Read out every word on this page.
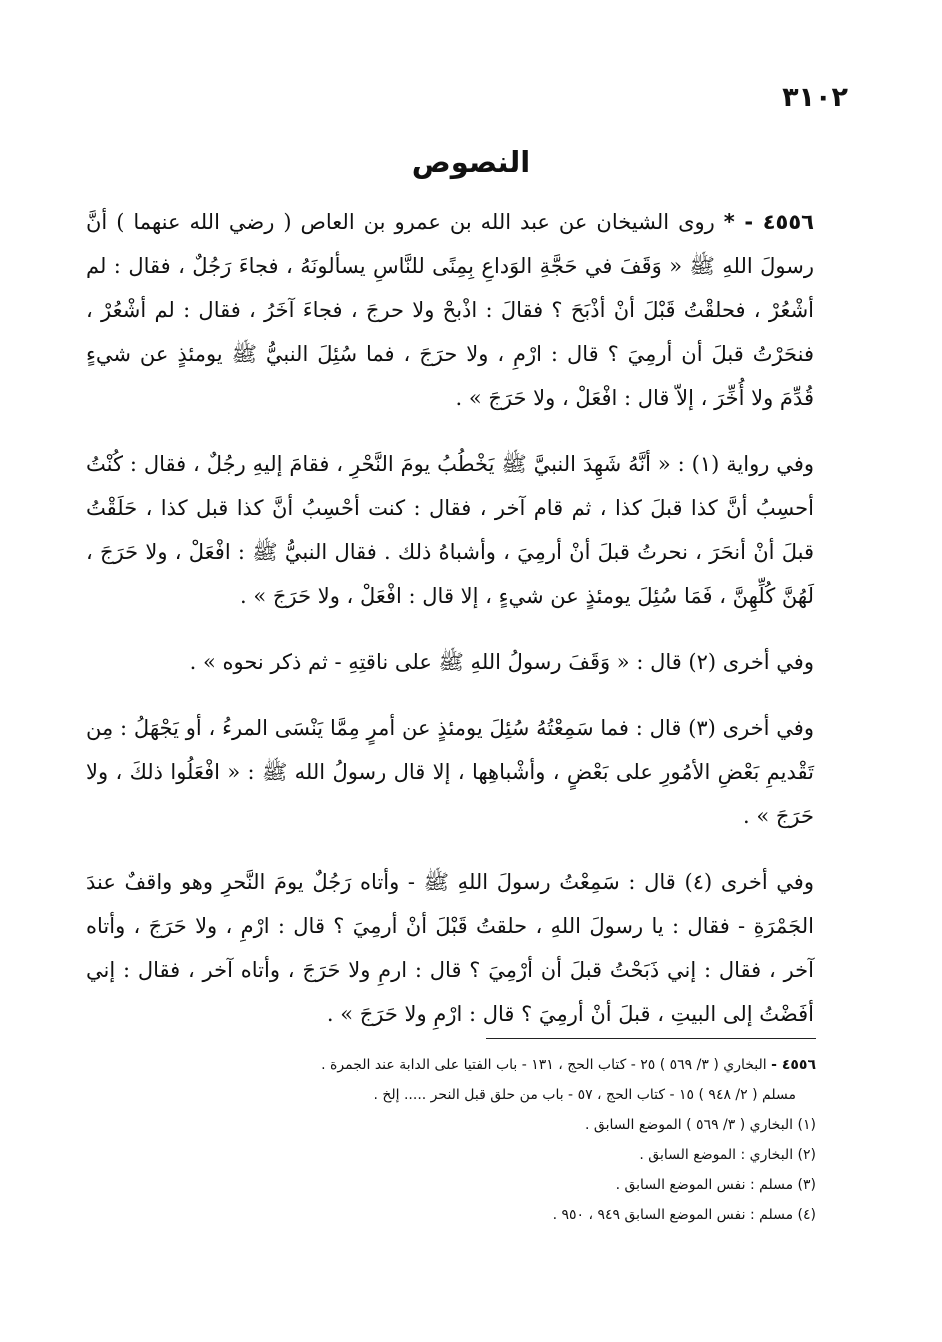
٣١٠٢
النصوص

٤٥٥٦ - * روى الشيخان عن عبد الله بن عمرو بن العاص ( رضي الله عنهما ) أنَّ رسولَ اللهِ ﷺ « وَقَفَ في حَجَّةِ الوَداعِ بِمِنًى للنَّاسِ يسألونَهُ ، فجاءَ رَجُلٌ ، فقال : لم أشْعُرْ ، فحلقْتُ قَبْلَ أنْ أذْبَحَ ؟ فقالَ : اذْبحْ ولا حرجَ ، فجاءَ آخَرُ ، فقال : لم أشْعُرْ ، فنحَرْتُ قبلَ أن أرمِيَ ؟ قال : ارْمِ ، ولا حرَجَ ، فما سُئِلَ النبيُّ ﷺ يومئذٍ عن شيءٍ قُدِّمَ ولا أُخِّرَ ، إلاّ قال : افْعَلْ ، ولا حَرَجَ » .

وفي رواية (١) : « أنَّهُ شَهِدَ النبيَّ ﷺ يَخْطُبُ يومَ النَّحْرِ ، فقامَ إليهِ رجُلٌ ، فقال : كُنْتُ أحسِبُ أنَّ كذا قبلَ كذا ، ثم قام آخر ، فقال : كنت أحْسِبُ أنَّ كذا قبل كذا ، حَلَقْتُ قبلَ أنْ أنحَرَ ، نحرتُ قبلَ أنْ أرمِيَ ، وأشباهُ ذلك . فقال النبيُّ ﷺ : افْعَلْ ، ولا حَرَجَ ، لَهُنَّ كُلِّهِنَّ ، فَمَا سُئِلَ يومئذٍ عن شيءٍ ، إلا قال : افْعَلْ ، ولا حَرَجَ » .

وفي أخرى (٢) قال : « وَقَفَ رسولُ اللهِ ﷺ على ناقتِهِ - ثم ذكر نحوه » .

وفي أخرى (٣) قال : فما سَمِعْتُهُ سُئِلَ يومئذٍ عن أمرٍ مِمَّا يَنْسَى المرءُ ، أو يَجْهَلُ : مِن تَقْديمِ بَعْضِ الأمُورِ على بَعْضٍ ، وأشْباهِها ، إلا قال رسولُ الله ﷺ : « افْعَلُوا ذلكَ ، ولا حَرَجَ » .

وفي أخرى (٤) قال : سَمِعْتُ رسولَ اللهِ ﷺ - وأتاه رَجُلٌ يومَ النَّحرِ وهو واقفٌ عندَ الجَمْرَةِ - فقال : يا رسولَ اللهِ ، حلقتُ قَبْلَ أنْ أرمِيَ ؟ قال : ارْمِ ، ولا حَرَجَ ، وأتاه آخر ، فقال : إني ذَبَحْتُ قبلَ أن أرْمِيَ ؟ قال : ارمِ ولا حَرَجَ ، وأتاه آخر ، فقال : إني أفَضْتُ إلى البيتِ ، قبلَ أنْ أرمِيَ ؟ قال : ارْمِ ولا حَرَجَ » .

٤٥٥٦ - البخاري ( ٣/ ٥٦٩ ) ٢٥ - كتاب الحج ، ١٣١ - باب الفتيا على الدابة عند الجمرة .

مسلم ( ٢/ ٩٤٨ ) ١٥ - كتاب الحج ، ٥٧ - باب من حلق قبل النحر ..... إلخ .

(١) البخاري ( ٣/ ٥٦٩ ) الموضع السابق .

(٢) البخاري : الموضع السابق .

(٣) مسلم : نفس الموضع السابق .

(٤) مسلم : نفس الموضع السابق ٩٤٩ ، ٩٥٠ .
